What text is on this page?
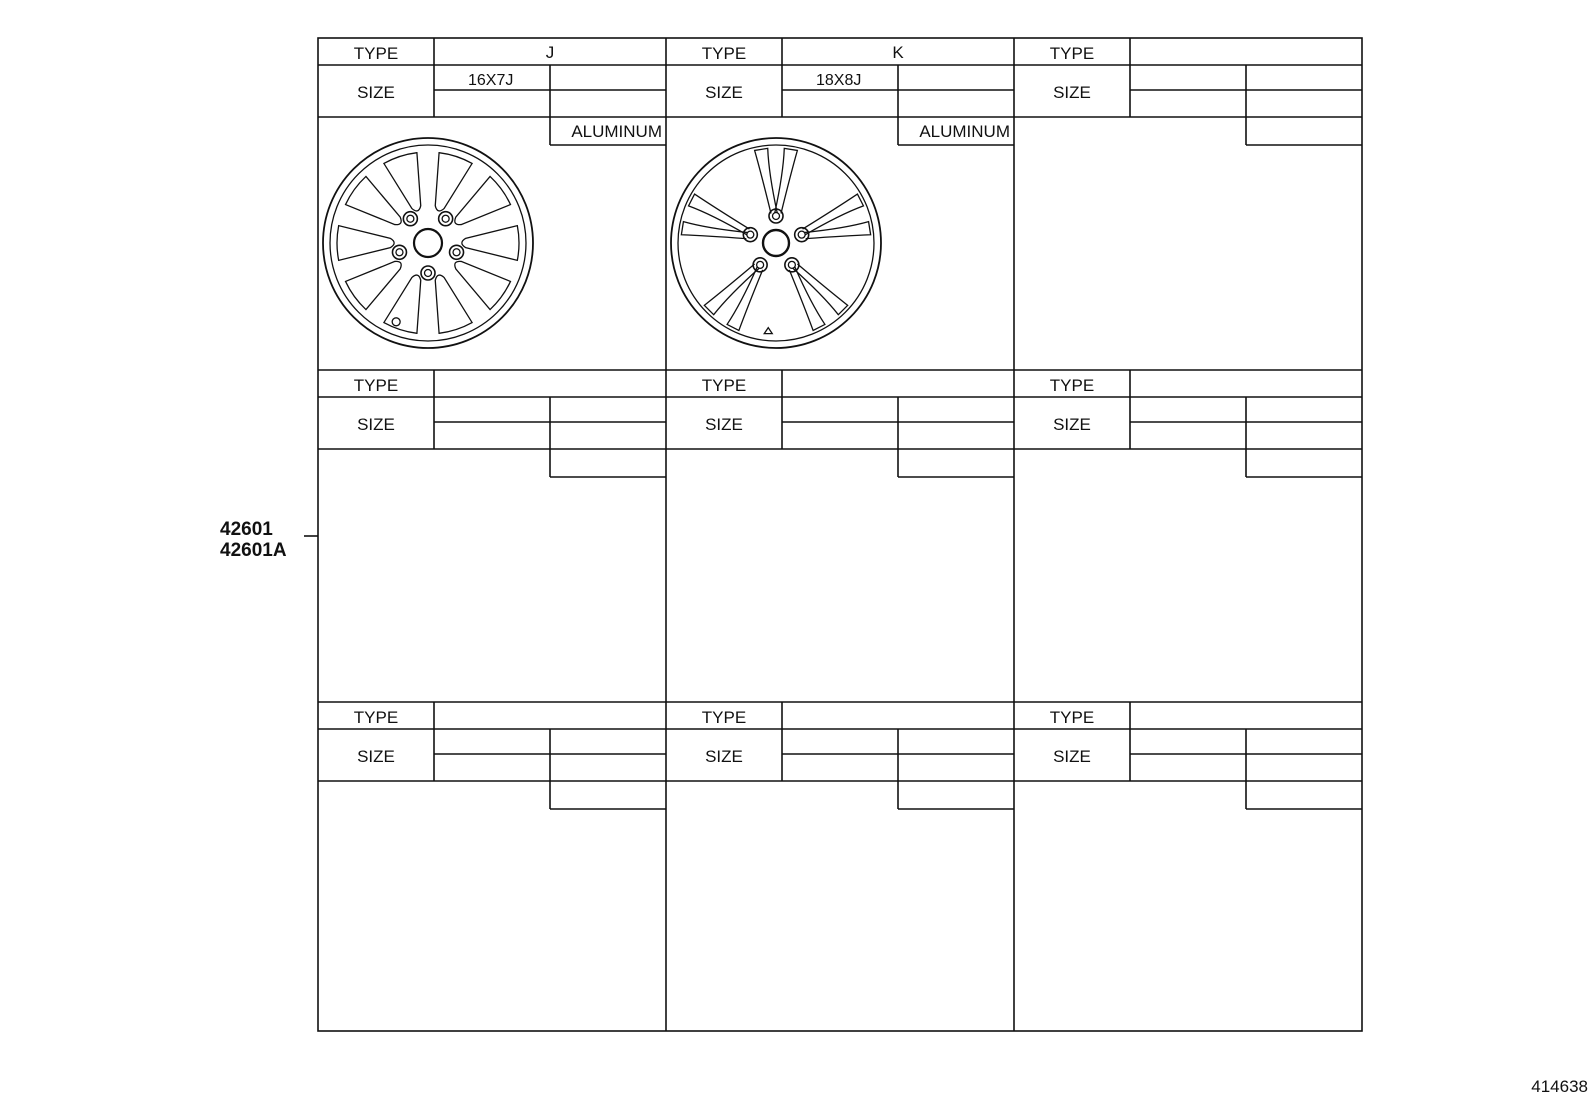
42601
42601A
414638
TYPE
SIZE
J
16X7J
ALUMINUM
TYPE
SIZE
K
18X8J
ALUMINUM
TYPE
SIZE
TYPE
SIZE
TYPE
SIZE
TYPE
SIZE
TYPE
SIZE
TYPE
SIZE
TYPE
SIZE
